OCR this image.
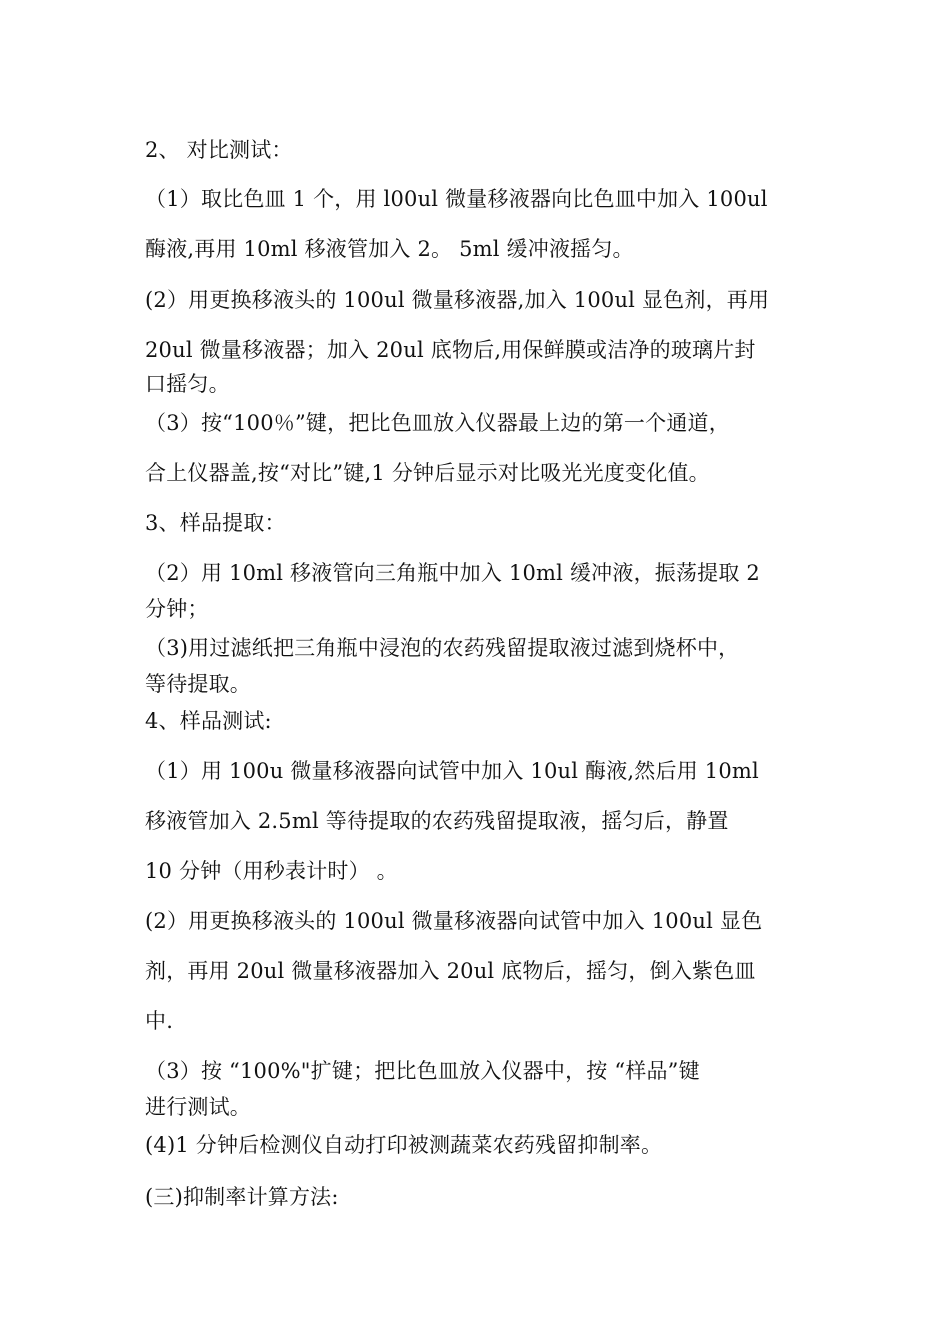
2、 对比测试：
（1）取比色皿 1 个，用 l00ul 微量移液器向比色皿中加入 100ul
酶液,再用 10ml 移液管加入 2。 5ml 缓冲液摇匀。
(2）用更换移液头的 100ul 微量移液器,加入 100ul 显色剂，再用
20ul 微量移液器；加入 20ul 底物后,用保鲜膜或洁净的玻璃片封
口摇匀。
（3）按“100％”键，把比色皿放入仪器最上边的第一个通道，
合上仪器盖,按“对比”键,1 分钟后显示对比吸光光度变化值。
3、样品提取：
（2）用 10ml 移液管向三角瓶中加入 10ml 缓冲液，振荡提取 2
分钟；
（3)用过滤纸把三角瓶中浸泡的农药残留提取液过滤到烧杯中，
等待提取。
4、样品测试:
（1）用 100u 微量移液器向试管中加入 10ul 酶液,然后用 10ml
移液管加入 2.5ml 等待提取的农药残留提取液，摇匀后，静置
10 分钟（用秒表计时） 。
(2）用更换移液头的 100ul 微量移液器向试管中加入 100ul 显色
剂，再用 20ul 微量移液器加入 20ul 底物后，摇匀，倒入紫色皿
中.
（3）按 “100%"扩键；把比色皿放入仪器中，按 “样品”键
进行测试。
(4)1 分钟后检测仪自动打印被测蔬菜农药残留抑制率。
(三)抑制率计算方法:
